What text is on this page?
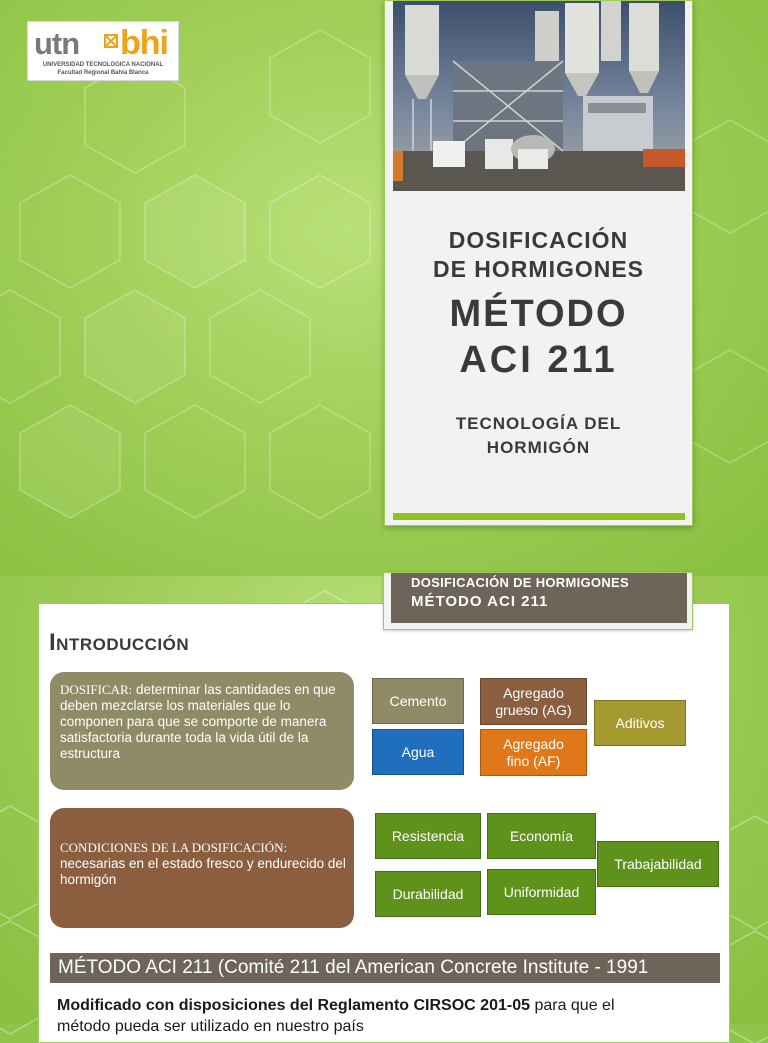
utn bhi
UNIVERSIDAD TECNOLOGICA NACIONAL
Facultad Regional Bahía Blanca
DOSIFICACIÓN
DE HORMIGONES
MÉTODO
ACI 211
TECNOLOGÍA DEL
HORMIGÓN
DOSIFICACIÓN DE HORMIGONES
MÉTODO ACI 211
Introducción
DOSIFICAR: determinar las cantidades en que deben mezclarse los materiales que lo componen para que se comporte de manera satisfactoria durante toda la vida útil de la estructura
Cemento
Agua
Agregado grueso (AG)
Agregado fino (AF)
Aditivos
CONDICIONES DE LA DOSIFICACIÓN:
necesarias en el estado fresco y endurecido del hormigón
Resistencia	Economía
Trabajabilidad
Durabilidad	Uniformidad
MÉTODO ACI 211 (Comité 211 del American Concrete Institute - 1991
Modificado con disposiciones del Reglamento CIRSOC 201-05 para que el
método pueda ser utilizado en nuestro país
